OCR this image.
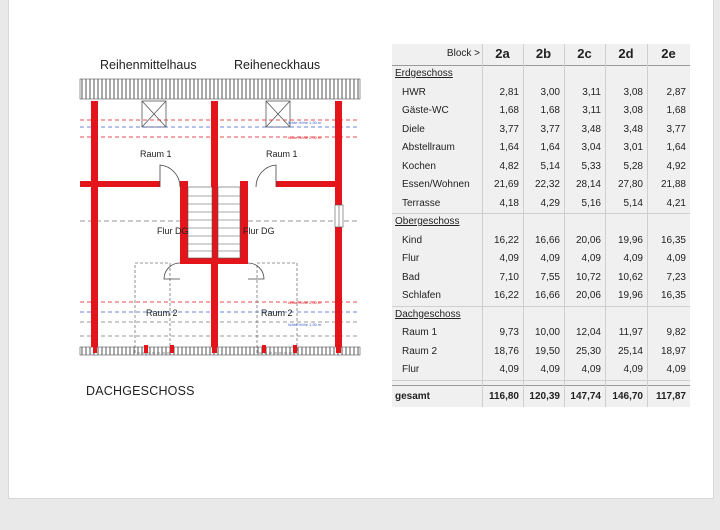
Reihenmittelhaus	Reiheneckhaus
Raum 1	Raum 1
Flur DG	Flur DG
Raum 2	Raum 2
lichte Höhe 1,50 m
lichte Höhe 2,00 m
lichte Höhe 2,00 m
lichte Höhe 1,50 m
DACHGESCHOSS
Block >	2a	2b	2c	2d	2e
Erdgeschoss
HWR	2,81	3,00	3,11	3,08	2,87
Gäste-WC	1,68	1,68	3,11	3,08	1,68
Diele	3,77	3,77	3,48	3,48	3,77
Abstellraum	1,64	1,64	3,04	3,01	1,64
Kochen	4,82	5,14	5,33	5,28	4,92
Essen/Wohnen	21,69	22,32	28,14	27,80	21,88
Terrasse	4,18	4,29	5,16	5,14	4,21
Obergeschoss
Kind	16,22	16,66	20,06	19,96	16,35
Flur	4,09	4,09	4,09	4,09	4,09
Bad	7,10	7,55	10,72	10,62	7,23
Schlafen	16,22	16,66	20,06	19,96	16,35
Dachgeschoss
Raum 1	9,73	10,00	12,04	11,97	9,82
Raum 2	18,76	19,50	25,30	25,14	18,97
Flur	4,09	4,09	4,09	4,09	4,09
gesamt	116,80	120,39	147,74	146,70	117,87
